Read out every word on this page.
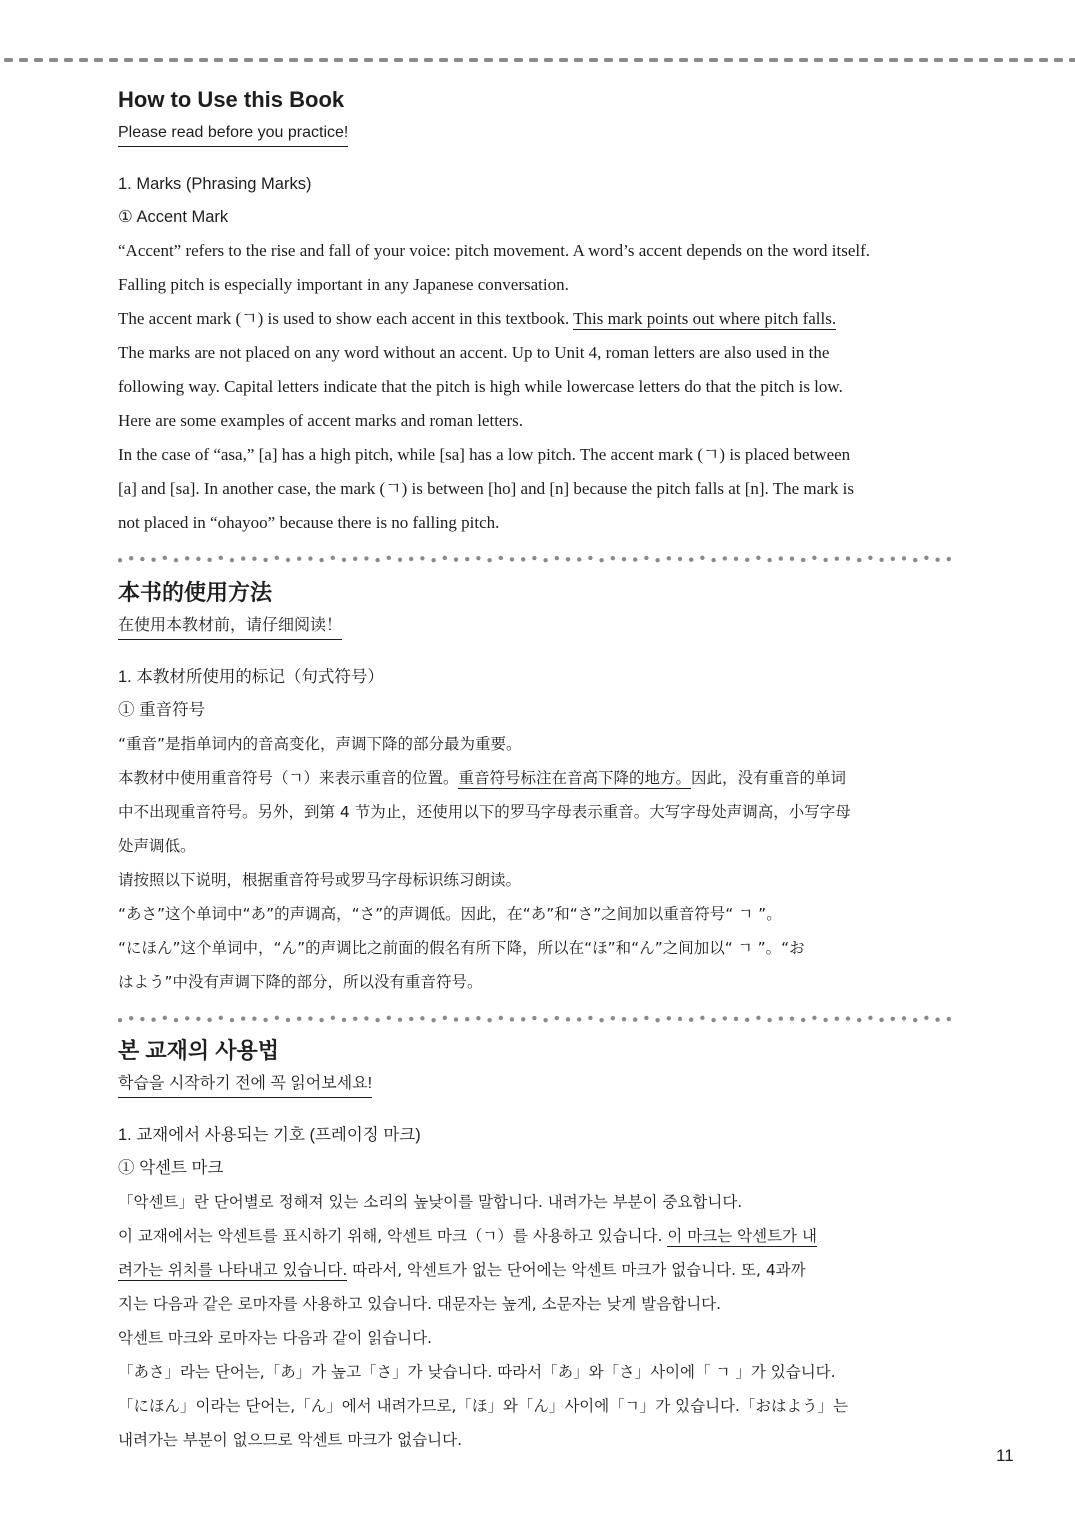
How to Use this Book
Please read before you practice!
1. Marks (Phrasing Marks)
① Accent Mark

“Accent” refers to the rise and fall of your voice: pitch movement. A word’s accent depends on the word itself.

Falling pitch is especially important in any Japanese conversation.

The accent mark (ㄱ) is used to show each accent in this textbook. This mark points out where pitch falls.

The marks are not placed on any word without an accent. Up to Unit 4, roman letters are also used in the

following way. Capital letters indicate that the pitch is high while lowercase letters do that the pitch is low.

Here are some examples of accent marks and roman letters.

In the case of “asa,” [a] has a high pitch, while [sa] has a low pitch. The accent mark (ㄱ) is placed between

[a] and [sa]. In another case, the mark (ㄱ) is between [ho] and [n] because the pitch falls at [n]. The mark is

not placed in “ohayoo” because there is no falling pitch.

本书的使用方法
在使用本教材前，请仔细阅读！
1. 本教材所使用的标记（句式符号）
① 重音符号

“重音”是指单词内的音高变化，声调下降的部分最为重要。

本教材中使用重音符号（ㄱ）来表示重音的位置。重音符号标注在音高下降的地方。因此，没有重音的单词

中不出现重音符号。另外，到第 4 节为止，还使用以下的罗马字母表示重音。大写字母处声调高，小写字母

处声调低。

请按照以下说明，根据重音符号或罗马字母标识练习朗读。

“あさ”这个单词中“あ”的声调高，“さ”的声调低。因此，在“あ”和“さ”之间加以重音符号“ ㄱ ”。

“にほん”这个单词中，“ん”的声调比之前面的假名有所下降，所以在“ほ”和“ん”之间加以“ ㄱ ”。“お

はよう”中没有声调下降的部分，所以没有重音符号。

본 교재의 사용법
학습을 시작하기 전에 꼭 읽어보세요!
1. 교재에서 사용되는 기호 (프레이징 마크)
① 악센트 마크

「악센트」란 단어별로 정해져 있는 소리의 높낮이를 말합니다. 내려가는 부분이 중요합니다.

이 교재에서는 악센트를 표시하기 위해, 악센트 마크（ㄱ）를 사용하고 있습니다. 이 마크는 악센트가 내

려가는 위치를 나타내고 있습니다. 따라서, 악센트가 없는 단어에는 악센트 마크가 없습니다. 또, 4과까

지는 다음과 같은 로마자를 사용하고 있습니다. 대문자는 높게, 소문자는 낮게 발음합니다.

악센트 마크와 로마자는 다음과 같이 읽습니다.

「あさ」라는 단어는,「あ」가 높고「さ」가 낮습니다. 따라서「あ」와「さ」사이에「 ㄱ 」가 있습니다.

「にほん」이라는 단어는,「ん」에서 내려가므로,「ほ」와「ん」사이에「ㄱ」가 있습니다.「おはよう」는

내려가는 부분이 없으므로 악센트 마크가 없습니다.

11
